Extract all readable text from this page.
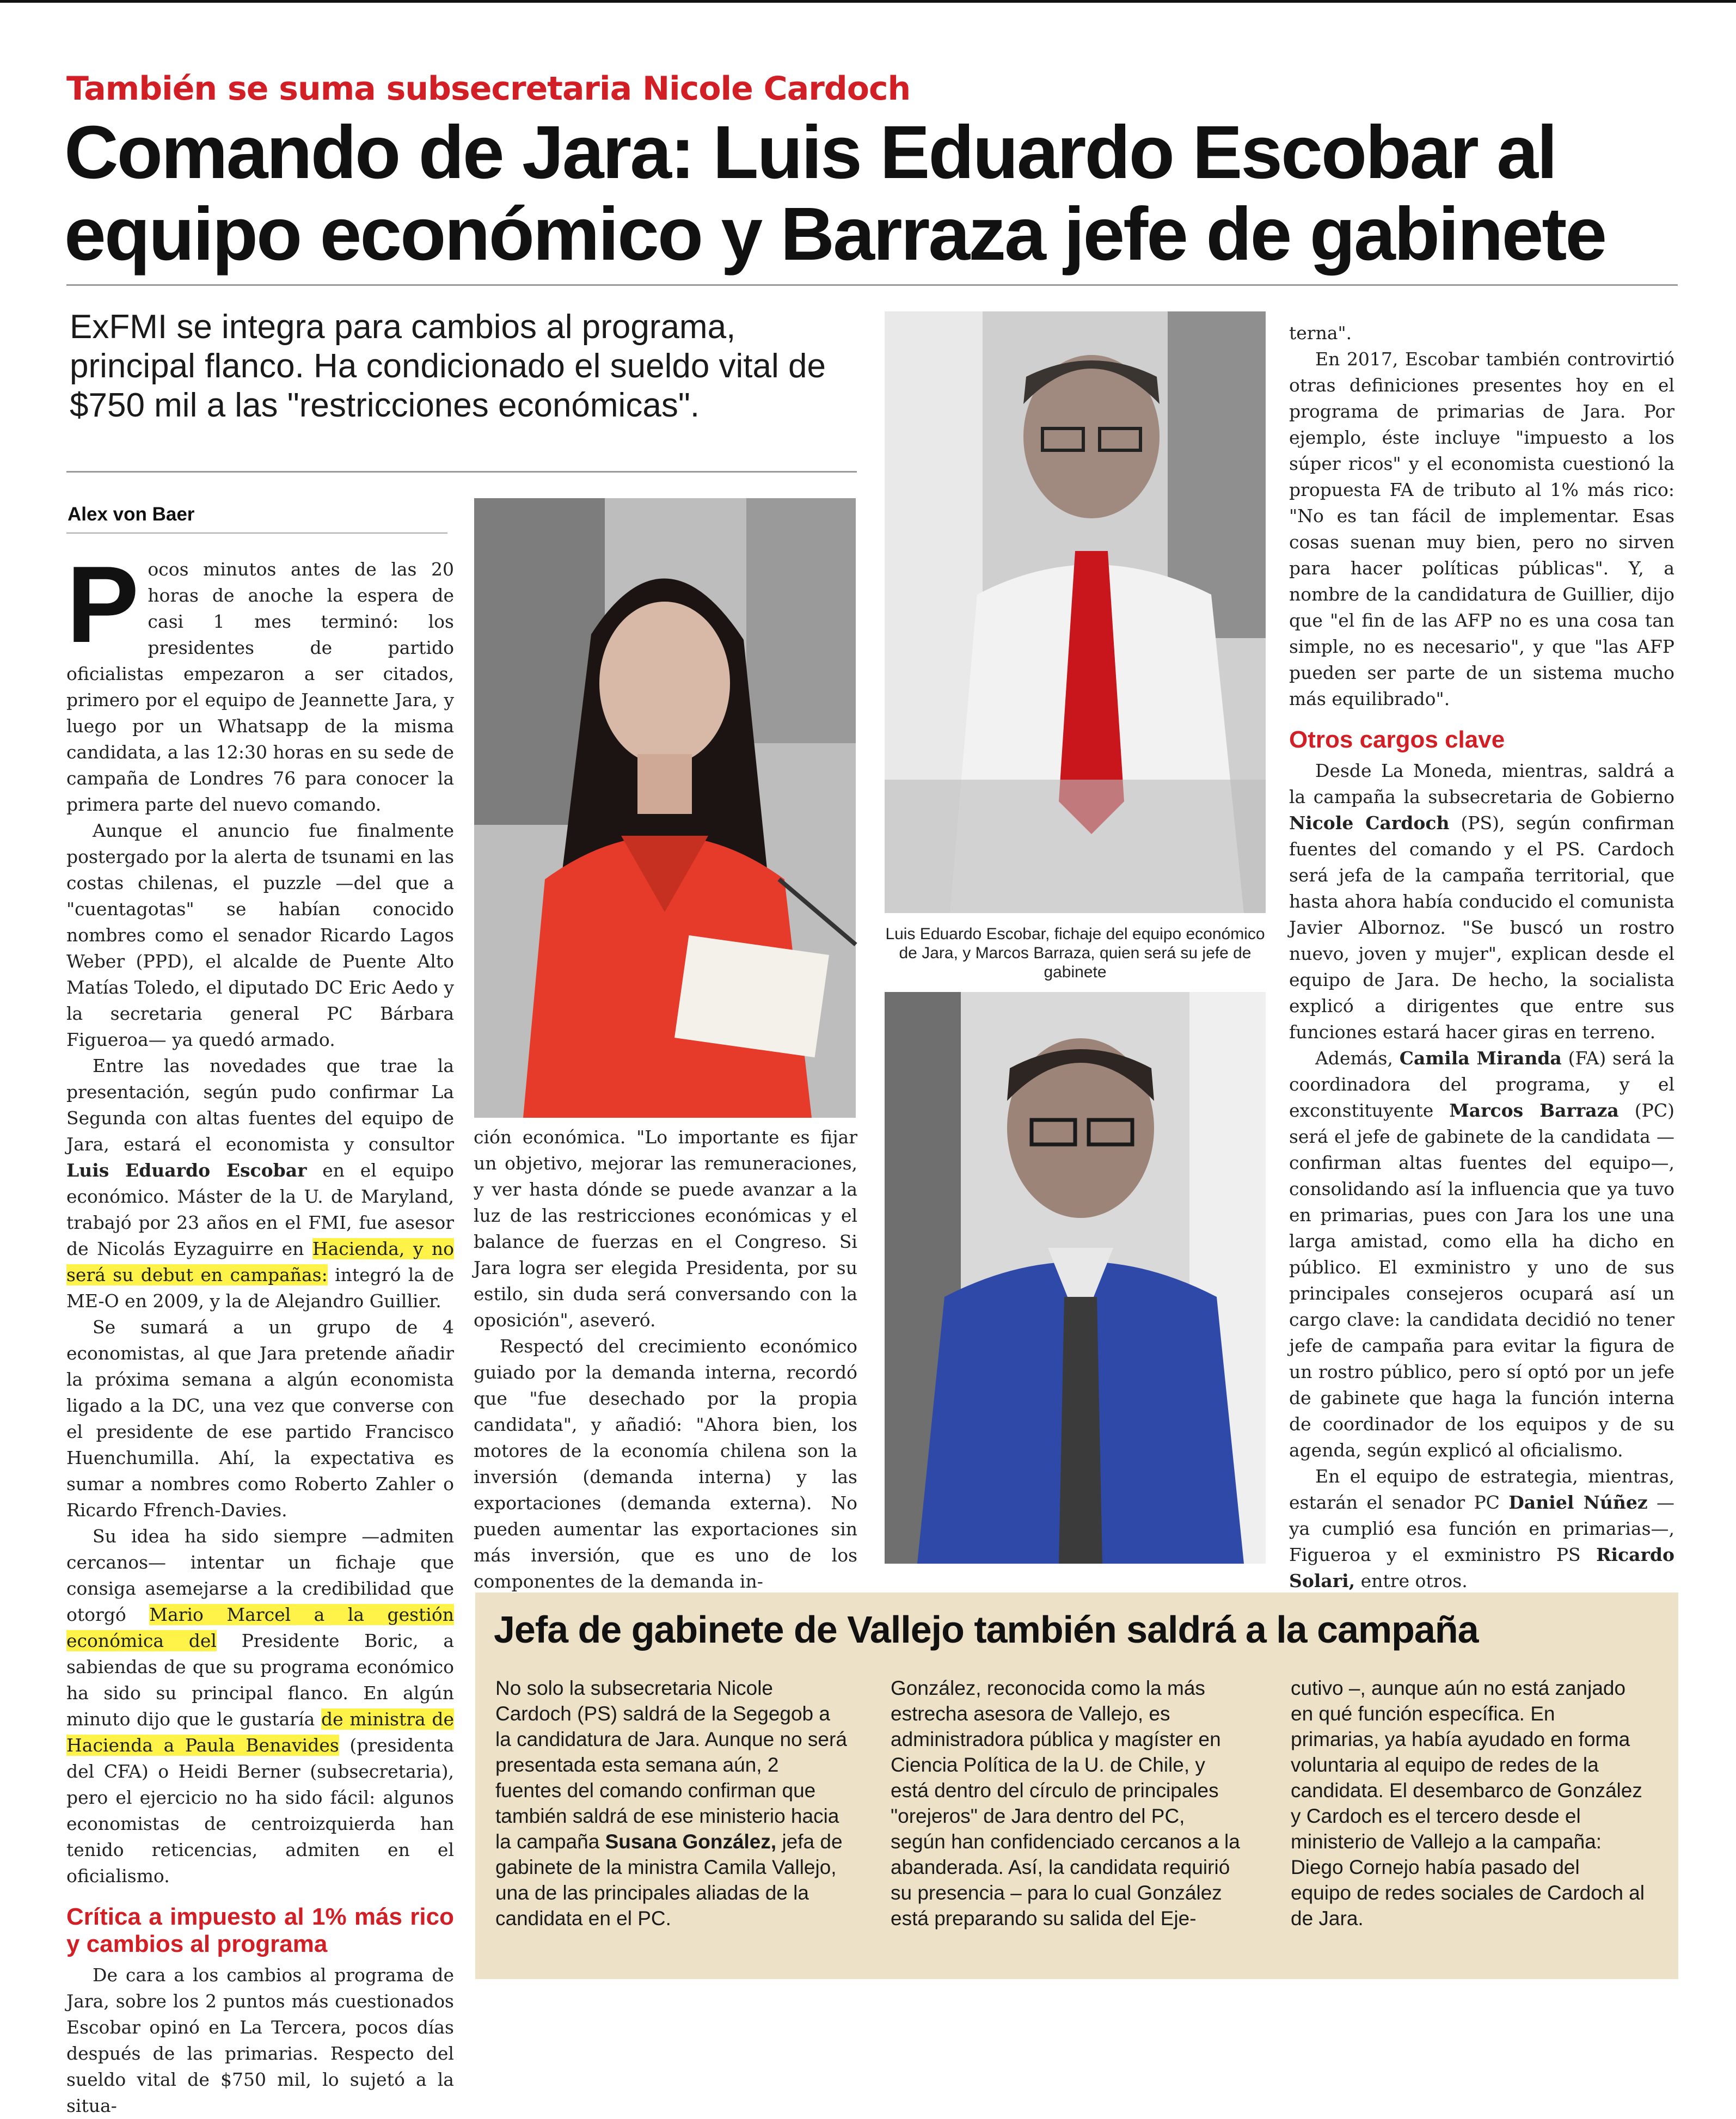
También se suma subsecretaria Nicole Cardoch
Comando de Jara: Luis Eduardo Escobar al equipo económico y Barraza jefe de gabinete
ExFMI se integra para cambios al programa, principal flanco. Ha condicionado el sueldo vital de $750 mil a las "restricciones económicas".
Alex von Baer
P ocos minutos antes de las 20 horas de anoche la espera de casi 1 mes terminó: los presidentes de partido oficialistas empezaron a ser citados, primero por el equipo de Jeannette Jara, y luego por un Whatsapp de la misma candidata, a las 12:30 horas en su sede de campaña de Londres 76 para conocer la primera parte del nuevo comando.
Aunque el anuncio fue finalmente postergado por la alerta de tsunami en las costas chilenas, el puzzle —del que a "cuentagotas" se habían conocido nombres como el senador Ricardo Lagos Weber (PPD), el alcalde de Puente Alto Matías Toledo, el diputado DC Eric Aedo y la secretaria general PC Bárbara Figueroa— ya quedó armado.
Entre las novedades que trae la presentación, según pudo confirmar La Segunda con altas fuentes del equipo de Jara, estará el economista y consultor Luis Eduardo Escobar en el equipo económico. Máster de la U. de Maryland, trabajó por 23 años en el FMI, fue asesor de Nicolás Eyzaguirre en Hacienda, y no será su debut en campañas: integró la de ME-O en 2009, y la de Alejandro Guillier.
Se sumará a un grupo de 4 economistas, al que Jara pretende añadir la próxima semana a algún economista ligado a la DC, una vez que converse con el presidente de ese partido Francisco Huenchumilla. Ahí, la expectativa es sumar a nombres como Roberto Zahler o Ricardo Ffrench-Davies.
Su idea ha sido siempre —admiten cercanos— intentar un fichaje que consiga asemejarse a la credibilidad que otorgó Mario Marcel a la gestión económica del Presidente Boric, a sabiendas de que su programa económico ha sido su principal flanco. En algún minuto dijo que le gustaría de ministra de Hacienda a Paula Benavides (presidenta del CFA) o Heidi Berner (subsecretaria), pero el ejercicio no ha sido fácil: algunos economistas de centroizquierda han tenido reticencias, admiten en el oficialismo.
Crítica a impuesto al 1% más rico y cambios al programa
De cara a los cambios al programa de Jara, sobre los 2 puntos más cuestionados Escobar opinó en La Tercera, pocos días después de las primarias. Respecto del sueldo vital de $750 mil, lo sujetó a la situa-
ción económica. "Lo importante es fijar un objetivo, mejorar las remuneraciones, y ver hasta dónde se puede avanzar a la luz de las restricciones económicas y el balance de fuerzas en el Congreso. Si Jara logra ser elegida Presidenta, por su estilo, sin duda será conversando con la oposición", aseveró.
Respectó del crecimiento económico guiado por la demanda interna, recordó que "fue desechado por la propia candidata", y añadió: "Ahora bien, los motores de la economía chilena son la inversión (demanda interna) y las exportaciones (demanda externa). No pueden aumentar las exportaciones sin más inversión, que es uno de los componentes de la demanda in-
Luis Eduardo Escobar, fichaje del equipo económico de Jara, y Marcos Barraza, quien será su jefe de gabinete
terna".
En 2017, Escobar también controvirtió otras definiciones presentes hoy en el programa de primarias de Jara. Por ejemplo, éste incluye "impuesto a los súper ricos" y el economista cuestionó la propuesta FA de tributo al 1% más rico: "No es tan fácil de implementar. Esas cosas suenan muy bien, pero no sirven para hacer políticas públicas". Y, a nombre de la candidatura de Guillier, dijo que "el fin de las AFP no es una cosa tan simple, no es necesario", y que "las AFP pueden ser parte de un sistema mucho más equilibrado".
Otros cargos clave
Desde La Moneda, mientras, saldrá a la campaña la subsecretaria de Gobierno Nicole Cardoch (PS), según confirman fuentes del comando y el PS. Cardoch será jefa de la campaña territorial, que hasta ahora había conducido el comunista Javier Albornoz. "Se buscó un rostro nuevo, joven y mujer", explican desde el equipo de Jara. De hecho, la socialista explicó a dirigentes que entre sus funciones estará hacer giras en terreno.
Además, Camila Miranda (FA) será la coordinadora del programa, y el exconstituyente Marcos Barraza (PC) será el jefe de gabinete de la candidata —confirman altas fuentes del equipo—, consolidando así la influencia que ya tuvo en primarias, pues con Jara los une una larga amistad, como ella ha dicho en público. El exministro y uno de sus principales consejeros ocupará así un cargo clave: la candidata decidió no tener jefe de campaña para evitar la figura de un rostro público, pero sí optó por un jefe de gabinete que haga la función interna de coordinador de los equipos y de su agenda, según explicó al oficialismo.
En el equipo de estrategia, mientras, estarán el senador PC Daniel Núñez —ya cumplió esa función en primarias—, Figueroa y el exministro PS Ricardo Solari, entre otros.
Jefa de gabinete de Vallejo también saldrá a la campaña
No solo la subsecretaria Nicole Cardoch (PS) saldrá de la Segegob a la candidatura de Jara. Aunque no será presentada esta semana aún, 2 fuentes del comando confirman que también saldrá de ese ministerio hacia la campaña Susana González, jefa de gabinete de la ministra Camila Vallejo, una de las principales aliadas de la candidata en el PC.
González, reconocida como la más estrecha asesora de Vallejo, es administradora pública y magíster en Ciencia Política de la U. de Chile, y está dentro del círculo de principales "orejeros" de Jara dentro del PC, según han confidenciado cercanos a la abanderada. Así, la candidata requirió su presencia – para lo cual González está preparando su salida del Eje-
cutivo –, aunque aún no está zanjado en qué función específica. En primarias, ya había ayudado en forma voluntaria al equipo de redes de la candidata. El desembarco de González y Cardoch es el tercero desde el ministerio de Vallejo a la campaña: Diego Cornejo había pasado del equipo de redes sociales de Cardoch al de Jara.
